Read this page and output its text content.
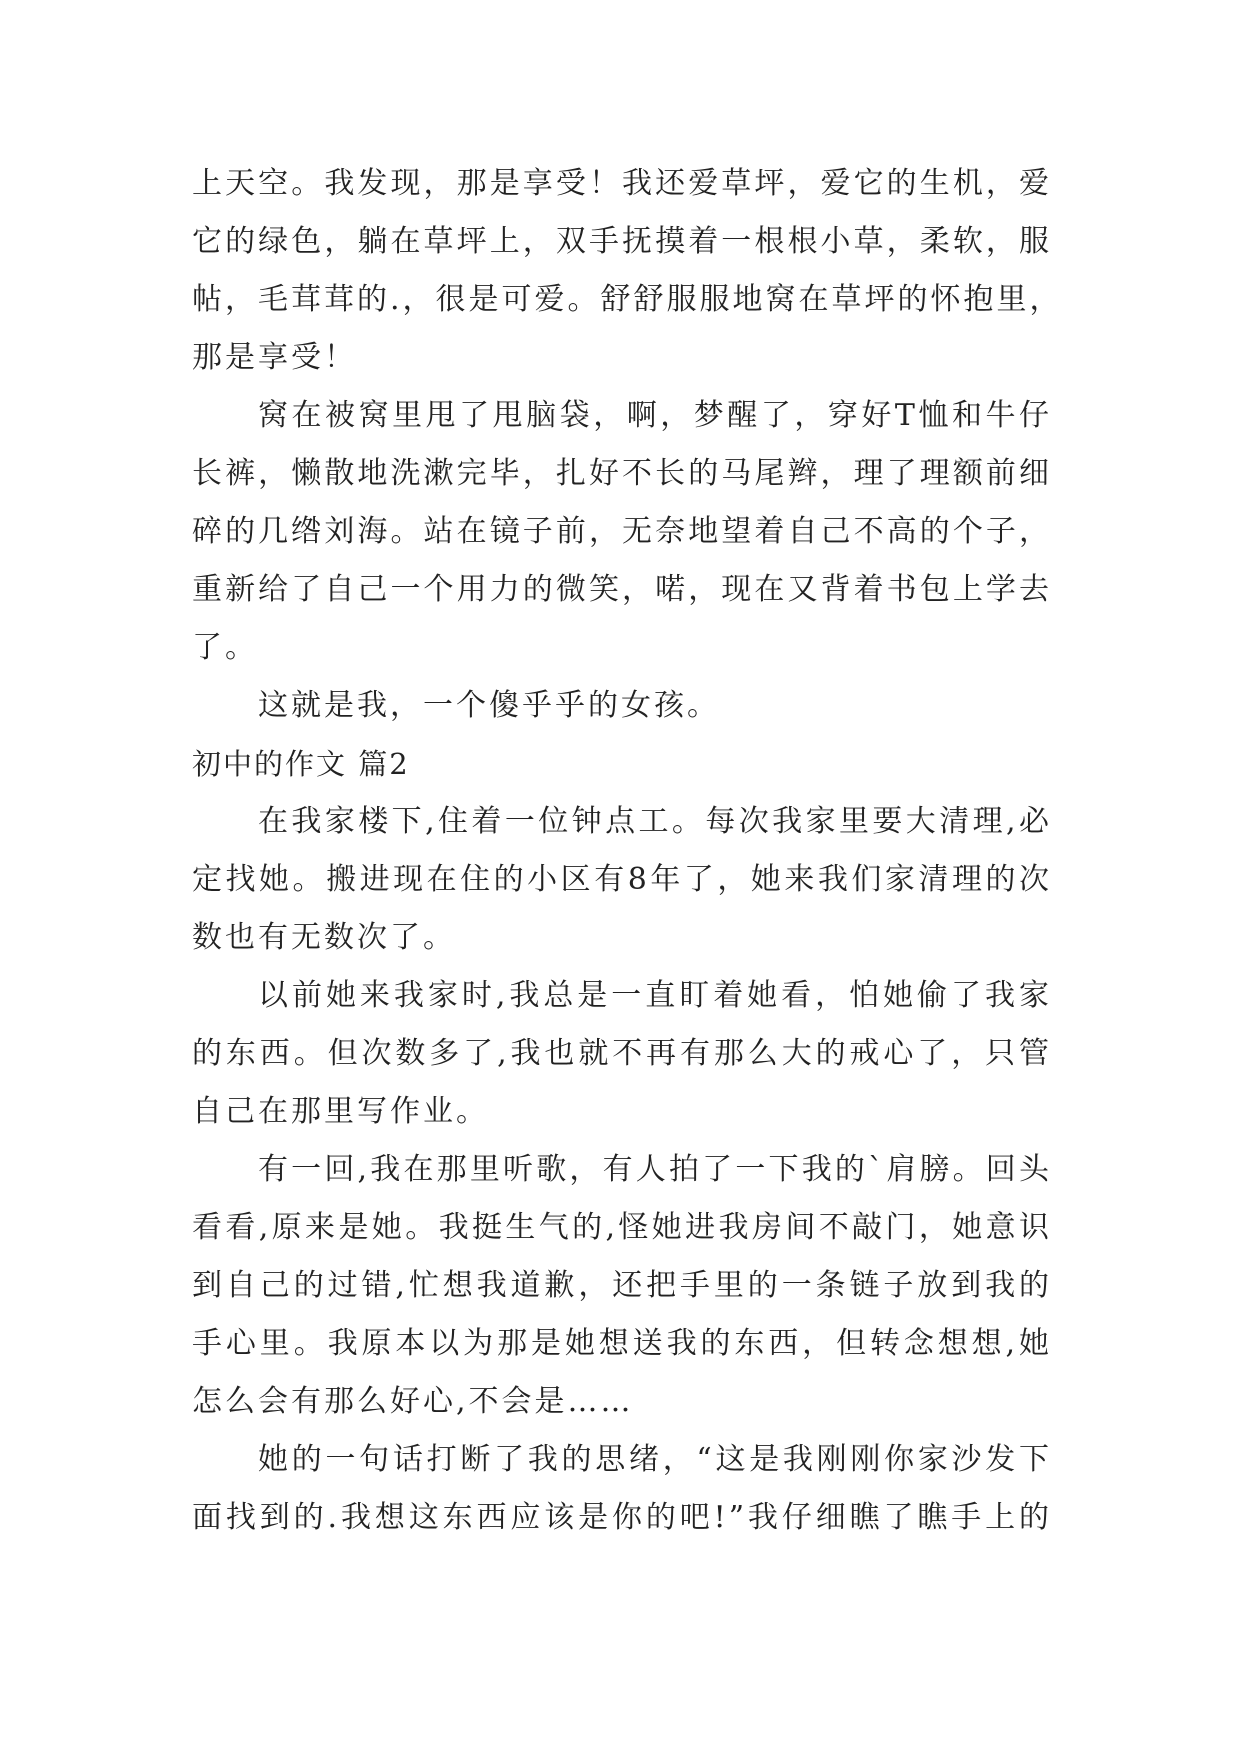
上天空。我发现，那是享受！我还爱草坪，爱它的生机，爱
它的绿色，躺在草坪上，双手抚摸着一根根小草，柔软，服
帖，毛茸茸的.，很是可爱。舒舒服服地窝在草坪的怀抱里，
那是享受！
窝在被窝里甩了甩脑袋，啊，梦醒了，穿好T恤和牛仔
长裤，懒散地洗漱完毕，扎好不长的马尾辫，理了理额前细
碎的几绺刘海。站在镜子前，无奈地望着自己不高的个子，
重新给了自己一个用力的微笑，喏，现在又背着书包上学去
了。
这就是我，一个傻乎乎的女孩。
初中的作文 篇2
在我家楼下,住着一位钟点工。每次我家里要大清理,必
定找她。搬进现在住的小区有8年了，她来我们家清理的次
数也有无数次了。
以前她来我家时,我总是一直盯着她看，怕她偷了我家
的东西。但次数多了,我也就不再有那么大的戒心了，只管
自己在那里写作业。
有一回,我在那里听歌，有人拍了一下我的`肩膀。回头
看看,原来是她。我挺生气的,怪她进我房间不敲门，她意识
到自己的过错,忙想我道歉，还把手里的一条链子放到我的
手心里。我原本以为那是她想送我的东西，但转念想想,她
怎么会有那么好心,不会是……
她的一句话打断了我的思绪，“这是我刚刚你家沙发下
面找到的.我想这东西应该是你的吧!”我仔细瞧了瞧手上的
